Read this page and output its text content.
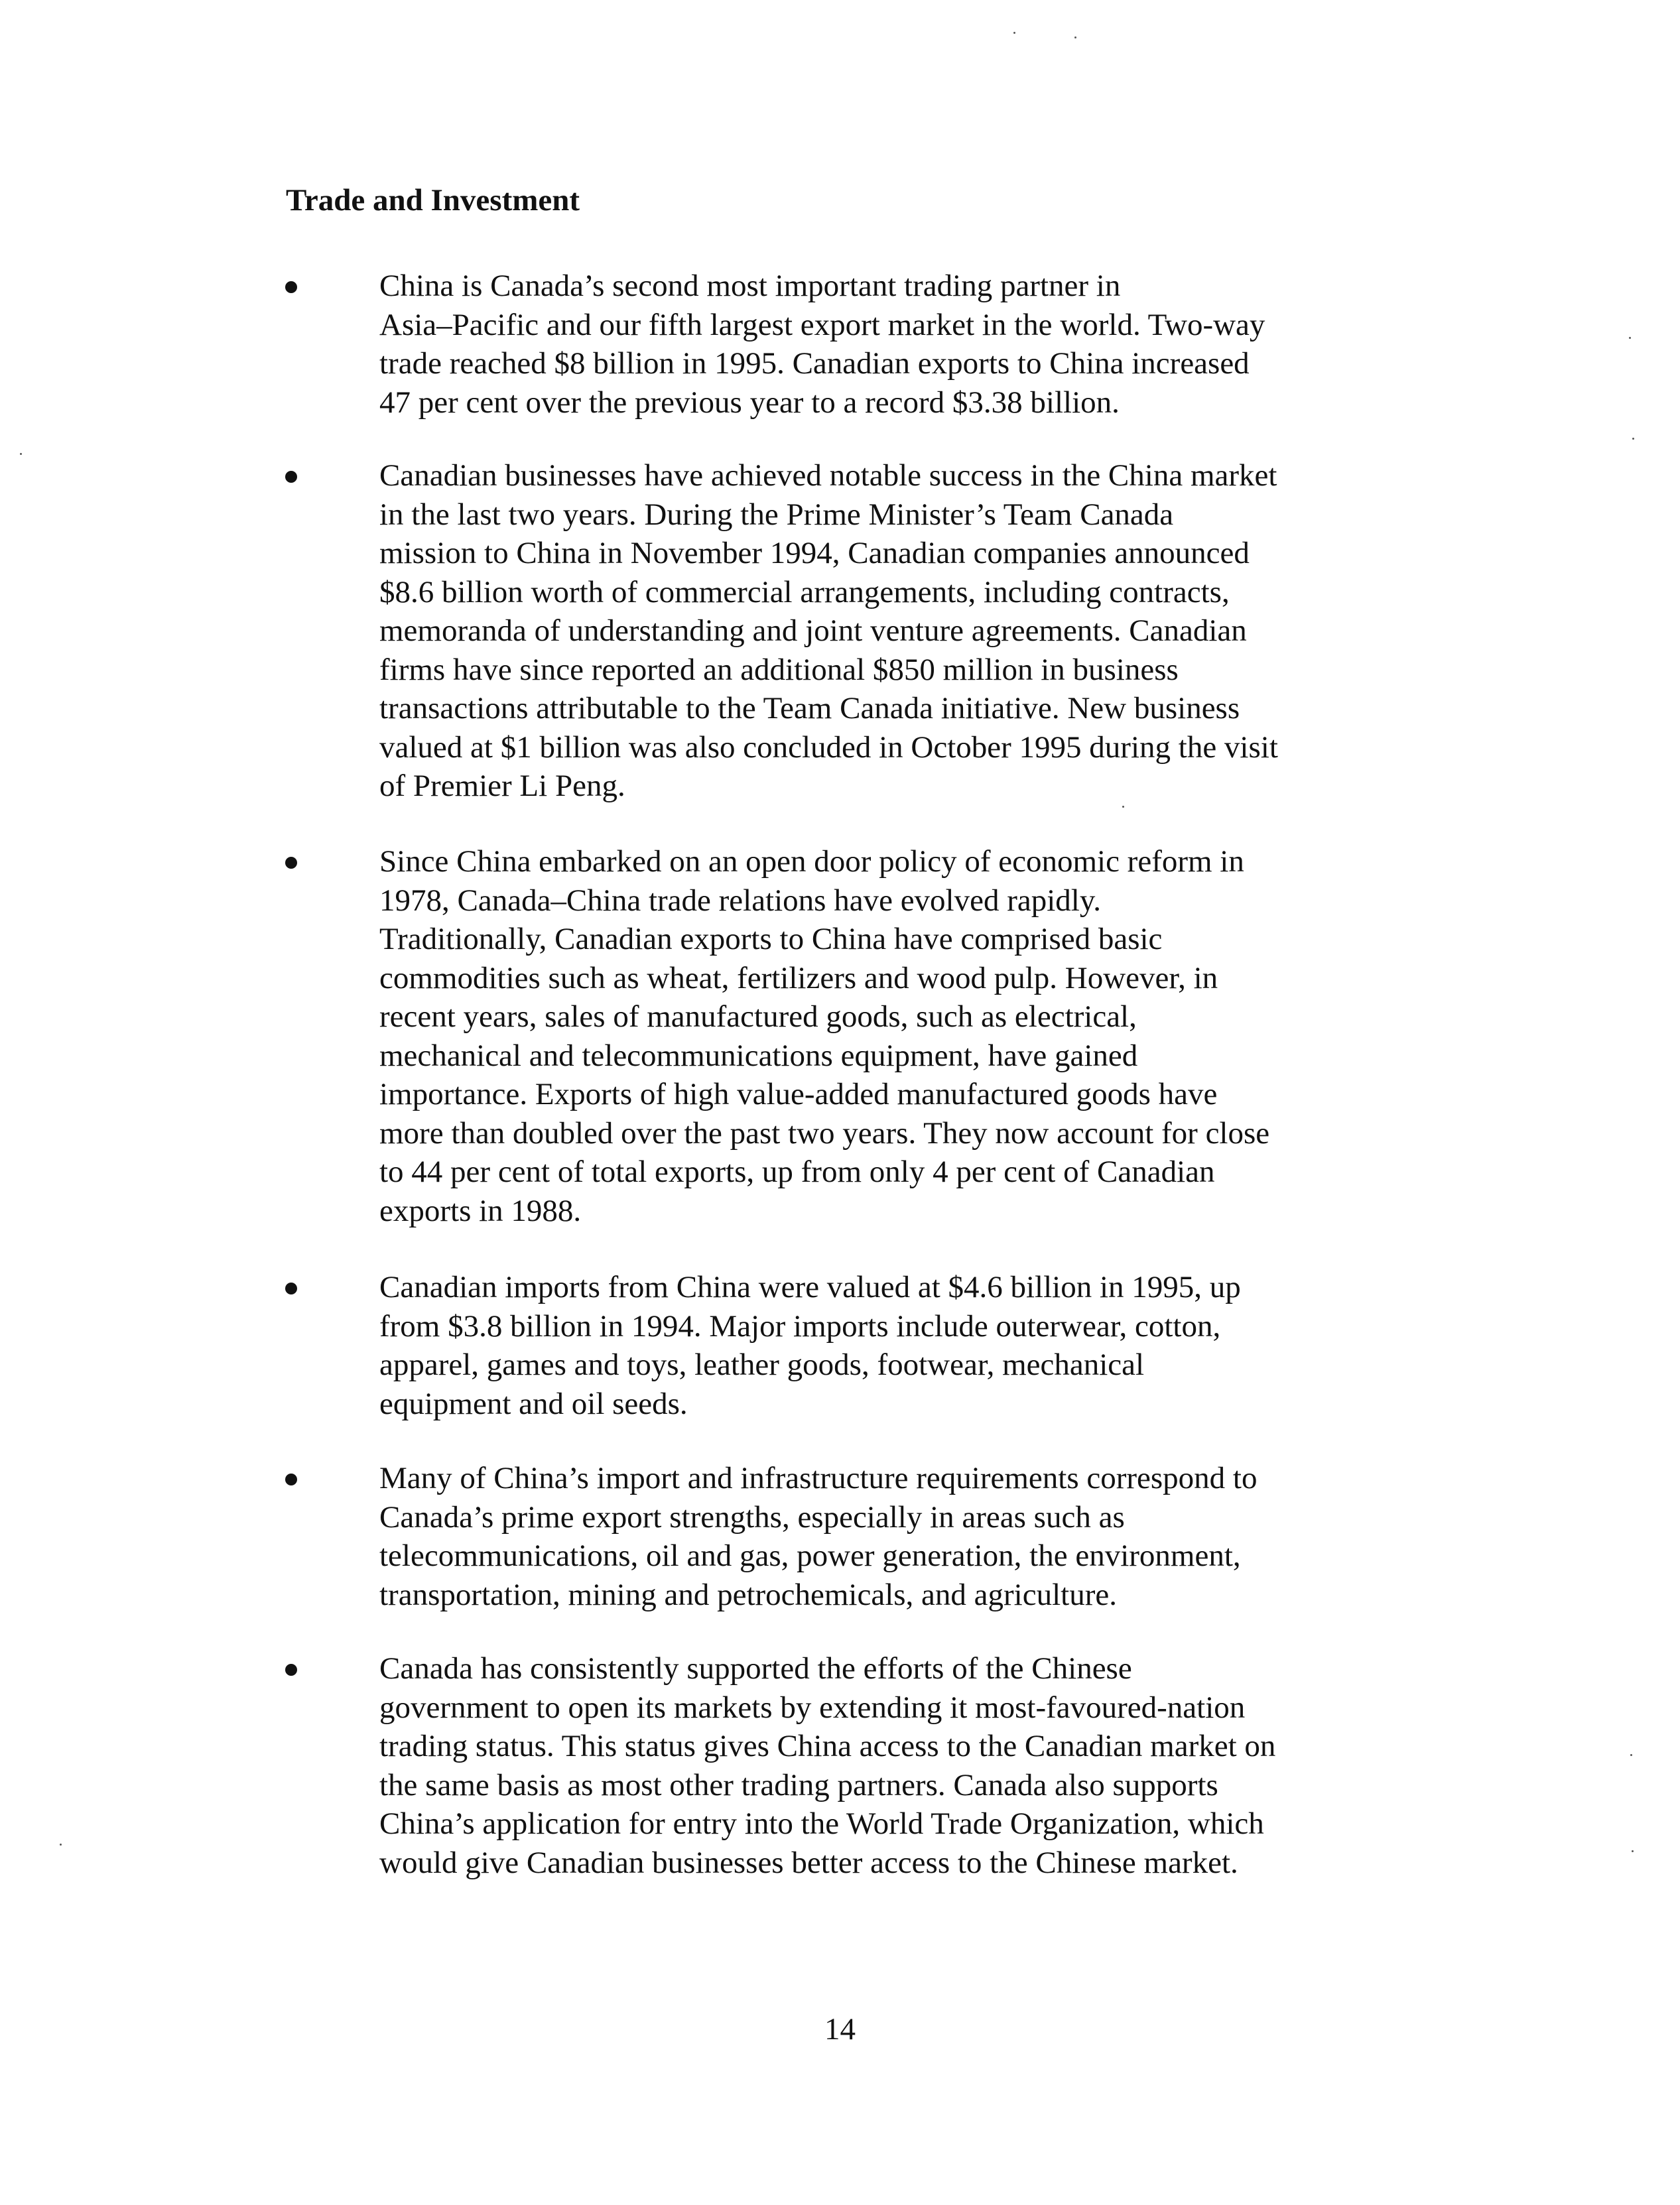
Trade and Investment

China is Canada’s second most important trading partner in
Asia–Pacific and our fifth largest export market in the world. Two-way
trade reached $8 billion in 1995. Canadian exports to China increased
47 per cent over the previous year to a record $3.38 billion.

Canadian businesses have achieved notable success in the China market
in the last two years. During the Prime Minister’s Team Canada
mission to China in November 1994, Canadian companies announced
$8.6 billion worth of commercial arrangements, including contracts,
memoranda of understanding and joint venture agreements. Canadian
firms have since reported an additional $850 million in business
transactions attributable to the Team Canada initiative. New business
valued at $1 billion was also concluded in October 1995 during the visit
of Premier Li Peng.

Since China embarked on an open door policy of economic reform in
1978, Canada–China trade relations have evolved rapidly.
Traditionally, Canadian exports to China have comprised basic
commodities such as wheat, fertilizers and wood pulp. However, in
recent years, sales of manufactured goods, such as electrical,
mechanical and telecommunications equipment, have gained
importance. Exports of high value-added manufactured goods have
more than doubled over the past two years. They now account for close
to 44 per cent of total exports, up from only 4 per cent of Canadian
exports in 1988.

Canadian imports from China were valued at $4.6 billion in 1995, up
from $3.8 billion in 1994. Major imports include outerwear, cotton,
apparel, games and toys, leather goods, footwear, mechanical
equipment and oil seeds.

Many of China’s import and infrastructure requirements correspond to
Canada’s prime export strengths, especially in areas such as
telecommunications, oil and gas, power generation, the environment,
transportation, mining and petrochemicals, and agriculture.

Canada has consistently supported the efforts of the Chinese
government to open its markets by extending it most-favoured-nation
trading status. This status gives China access to the Canadian market on
the same basis as most other trading partners. Canada also supports
China’s application for entry into the World Trade Organization, which
would give Canadian businesses better access to the Chinese market.

14
